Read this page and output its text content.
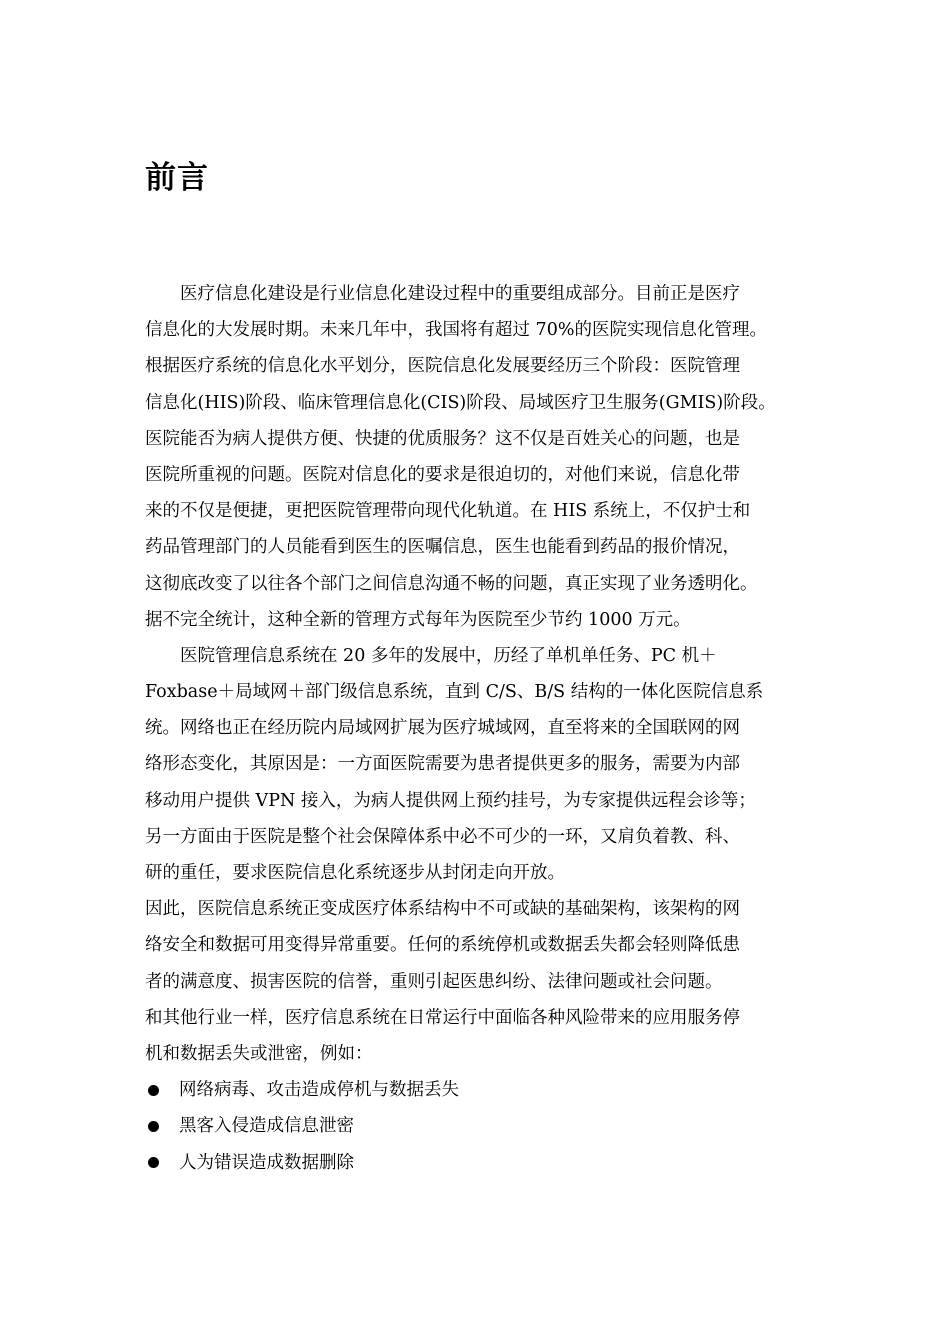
前言
医疗信息化建设是行业信息化建设过程中的重要组成部分。目前正是医疗
信息化的大发展时期。未来几年中，我国将有超过 70%的医院实现信息化管理。
根据医疗系统的信息化水平划分，医院信息化发展要经历三个阶段：医院管理
信息化(HIS)阶段、临床管理信息化(CIS)阶段、局域医疗卫生服务(GMIS)阶段。
医院能否为病人提供方便、快捷的优质服务？这不仅是百姓关心的问题，也是
医院所重视的问题。医院对信息化的要求是很迫切的，对他们来说，信息化带
来的不仅是便捷，更把医院管理带向现代化轨道。在 HIS 系统上，不仅护士和
药品管理部门的人员能看到医生的医嘱信息，医生也能看到药品的报价情况，
这彻底改变了以往各个部门之间信息沟通不畅的问题，真正实现了业务透明化。
据不完全统计，这种全新的管理方式每年为医院至少节约 1000 万元。
医院管理信息系统在 20 多年的发展中，历经了单机单任务、PC 机＋
Foxbase＋局域网＋部门级信息系统，直到 C/S、B/S 结构的一体化医院信息系
统。网络也正在经历院内局域网扩展为医疗城域网，直至将来的全国联网的网
络形态变化，其原因是：一方面医院需要为患者提供更多的服务，需要为内部
移动用户提供 VPN 接入，为病人提供网上预约挂号，为专家提供远程会诊等；
另一方面由于医院是整个社会保障体系中必不可少的一环，又肩负着教、科、
研的重任，要求医院信息化系统逐步从封闭走向开放。
因此，医院信息系统正变成医疗体系结构中不可或缺的基础架构，该架构的网
络安全和数据可用变得异常重要。任何的系统停机或数据丢失都会轻则降低患
者的满意度、损害医院的信誉，重则引起医患纠纷、法律问题或社会问题。
和其他行业一样，医疗信息系统在日常运行中面临各种风险带来的应用服务停
机和数据丢失或泄密，例如：
网络病毒、攻击造成停机与数据丢失
黑客入侵造成信息泄密
人为错误造成数据删除
